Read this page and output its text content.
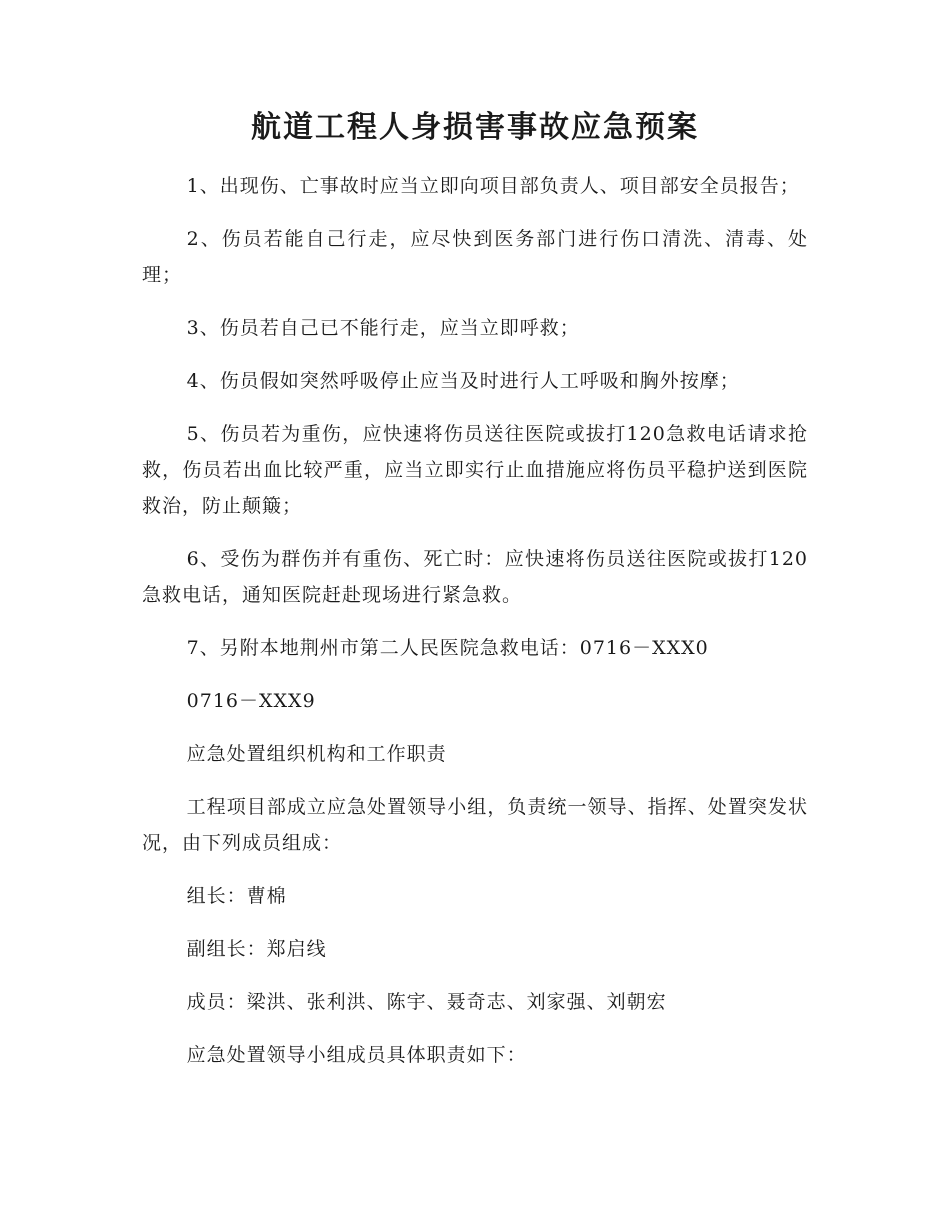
航道工程人身损害事故应急预案

1、出现伤、亡事故时应当立即向项目部负责人、项目部安全员报告；

2、伤员若能自己行走，应尽快到医务部门进行伤口清洗、清毒、处理；

3、伤员若自己已不能行走，应当立即呼救；

4、伤员假如突然呼吸停止应当及时进行人工呼吸和胸外按摩；

5、伤员若为重伤，应快速将伤员送往医院或拔打120急救电话请求抢救，伤员若出血比较严重，应当立即实行止血措施应将伤员平稳护送到医院救治，防止颠簸；

6、受伤为群伤并有重伤、死亡时：应快速将伤员送往医院或拔打120急救电话，通知医院赶赴现场进行紧急救。

7、另附本地荆州市第二人民医院急救电话：0716－XXX0

0716－XXX9

应急处置组织机构和工作职责

工程项目部成立应急处置领导小组，负责统一领导、指挥、处置突发状况，由下列成员组成：

组长：曹棉

副组长：郑启线

成员：梁洪、张利洪、陈宇、聂奇志、刘家强、刘朝宏

应急处置领导小组成员具体职责如下：
